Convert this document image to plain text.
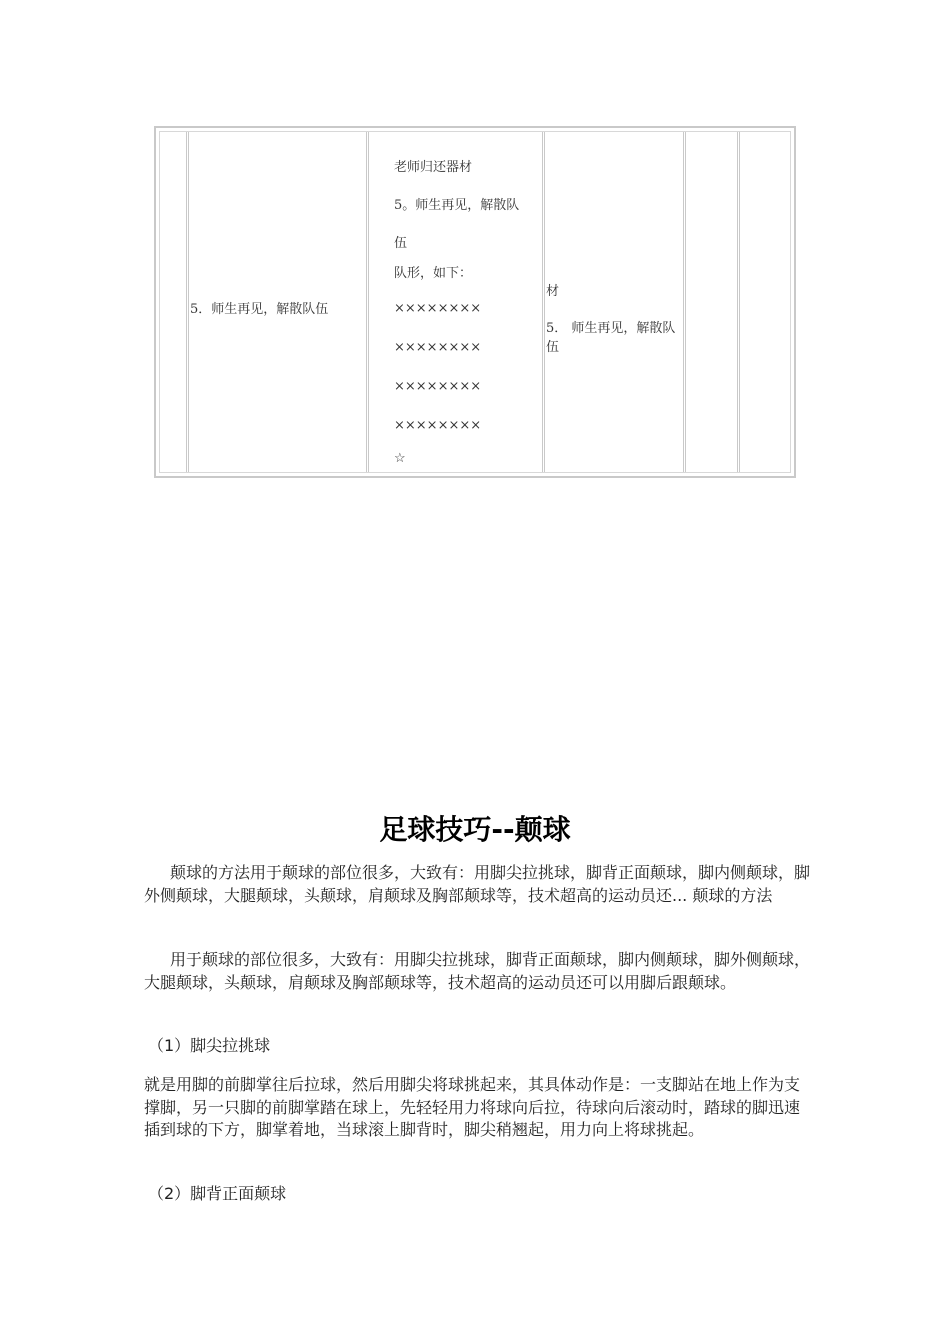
5．师生再见，解散队伍
老师归还器材
5。师生再见，解散队
伍
队形，如下：
××××××××
××××××××
××××××××
××××××××
☆
材
5． 师生再见，解散队伍
足球技巧--颠球

颠球的方法用于颠球的部位很多，大致有：用脚尖拉挑球，脚背正面颠球，脚内侧颠球，脚外侧颠球，大腿颠球，头颠球，肩颠球及胸部颠球等，技术超高的运动员还... 颠球的方法

用于颠球的部位很多，大致有：用脚尖拉挑球，脚背正面颠球，脚内侧颠球，脚外侧颠球，大腿颠球，头颠球，肩颠球及胸部颠球等，技术超高的运动员还可以用脚后跟颠球。

（1）脚尖拉挑球

就是用脚的前脚掌往后拉球，然后用脚尖将球挑起来，其具体动作是：一支脚站在地上作为支撑脚，另一只脚的前脚掌踏在球上，先轻轻用力将球向后拉，待球向后滚动时，踏球的脚迅速插到球的下方，脚掌着地，当球滚上脚背时，脚尖稍翘起，用力向上将球挑起。

（2）脚背正面颠球
